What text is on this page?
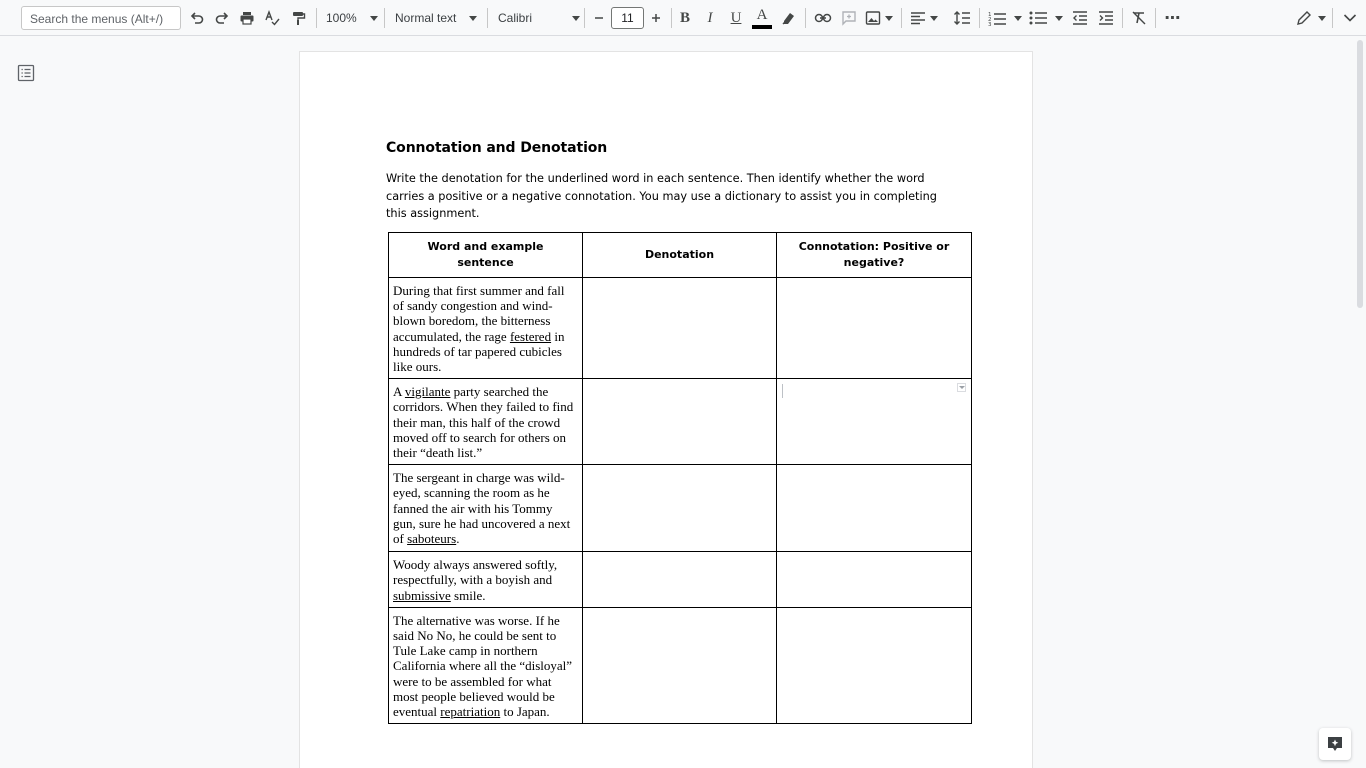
Search the menus (Alt+/)	100%	Normal text	Calibri	11	B I U A	1
2
3	⋯
Connotation and Denotation
Write the denotation for the underlined word in each sentence. Then identify whether the word carries a positive or a negative connotation. You may use a dictionary to assist you in completing this assignment.
Word and example sentence	Denotation	Connotation: Positive or negative?
During that first summer and fall of sandy congestion and wind-blown boredom, the bitterness accumulated, the rage festered in hundreds of tar papered cubicles like ours.		
A vigilante party searched the corridors. When they failed to find their man, this half of the crowd moved off to search for others on their “death list.”		

The sergeant in charge was wild-eyed, scanning the room as he fanned the air with his Tommy gun, sure he had uncovered a next of saboteurs.		
Woody always answered softly, respectfully, with a boyish and submissive smile.		
The alternative was worse. If he said No No, he could be sent to Tule Lake camp in northern California where all the “disloyal” were to be assembled for what most people believed would be eventual repatriation to Japan.		
